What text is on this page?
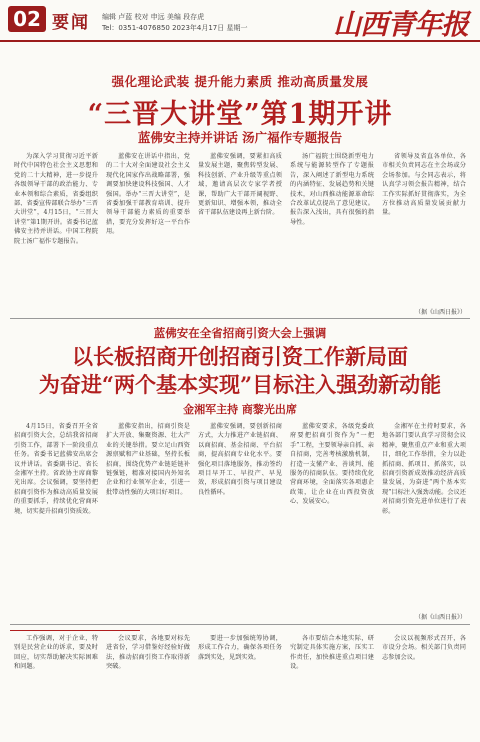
02 要闻 编辑 卢蓝 校对 申远 美编 段存虎
Tel：0351-4076850 2023年4月17日 星期一	山西青年报
强化理论武装 提升能力素质 推动高质量发展
“三晋大讲堂”第1期开讲
蓝佛安主持并讲话 汤广福作专题报告
为深入学习贯彻习近平新时代中国特色社会主义思想和党的二十大精神，进一步提升各级领导干部的政治能力、专业本领和综合素质，省委组织部、省委宣传部联合举办“三晋大讲堂”，4月15日，“三晋大讲堂”第1期开讲。省委书记蓝佛安主持并讲话。中国工程院院士汤广福作专题报告。
蓝佛安在讲话中指出，党的二十大对全面建设社会主义现代化国家作出战略部署，强调要加快建设科技强国、人才强国。举办“三晋大讲堂”，是省委加强干部教育培训、提升领导干部能力素质的重要举措，要充分发挥好这一平台作用。
蓝佛安强调，要紧扣高质量发展主题，聚焦转型发展、科技创新、产业升级等重点领域，邀请高层次专家学者授课，帮助广大干部开阔视野、更新知识、增强本领，推动全省干部队伍建设再上新台阶。
汤广福院士围绕新型电力系统与能源转型作了专题报告，深入阐述了新型电力系统的内涵特征、发展趋势和关键技术，对山西推动能源革命综合改革试点提出了意见建议。报告深入浅出，具有很强的指导性。
省领导及省直各单位、各市相关负责同志在主会场或分会场参加。与会同志表示，将认真学习领会报告精神，结合工作实际抓好贯彻落实，为全方位推动高质量发展贡献力量。
（据《山西日报》）
蓝佛安在全省招商引资大会上强调
以长板招商开创招商引资工作新局面
为奋进“两个基本实现”目标注入强劲新动能
金湘军主持 商黎光出席
4月15日，省委召开全省招商引资大会，总结我省招商引资工作，部署下一阶段重点任务。省委书记蓝佛安出席会议并讲话。省委副书记、省长金湘军主持。省政协主席商黎光出席。会议强调，要坚持把招商引资作为推动高质量发展的重要抓手，持续优化营商环境，切实提升招商引资质效。
蓝佛安指出，招商引资是扩大开放、集聚资源、壮大产业的关键举措。要立足山西资源禀赋和产业基础，坚持长板招商，围绕优势产业链延链补链强链，精准对接国内外知名企业和行业领军企业，引进一批带动性强的大项目好项目。
蓝佛安强调，要创新招商方式，大力推进产业链招商、以商招商、基金招商、平台招商，提高招商专业化水平。要强化项目落地服务，推动签约项目早开工、早投产、早见效，形成招商引资与项目建设良性循环。
蓝佛安要求，各级党委政府要把招商引资作为“一把手”工程，主要领导亲自抓、亲自招商，完善考核激励机制，打造一支懂产业、善谈判、能服务的招商队伍。要持续优化营商环境，全面落实各项惠企政策，让企业在山西投资放心、发展安心。
金湘军在主持时要求，各地各部门要认真学习贯彻会议精神，聚焦重点产业和重大项目，细化工作举措，全力以赴抓招商、抓项目、抓落实，以招商引资新成效推动经济高质量发展，为奋进“两个基本实现”目标注入强劲动能。会议还对招商引资先进单位进行了表彰。
（据《山西日报》）
工作强调，对于企业，特别是民营企业的诉求，要及时回应，切实帮助解决实际困难和问题。
会议要求，各地要对标先进省份，学习借鉴好经验好做法，推动招商引资工作取得新突破。
要进一步加强统筹协调，形成工作合力，确保各项任务落到实处，见到实效。
各市要结合本地实际，研究制定具体实施方案，压实工作责任，加快推进重点项目建设。
会议以视频形式召开，各市设分会场。相关部门负责同志参加会议。
